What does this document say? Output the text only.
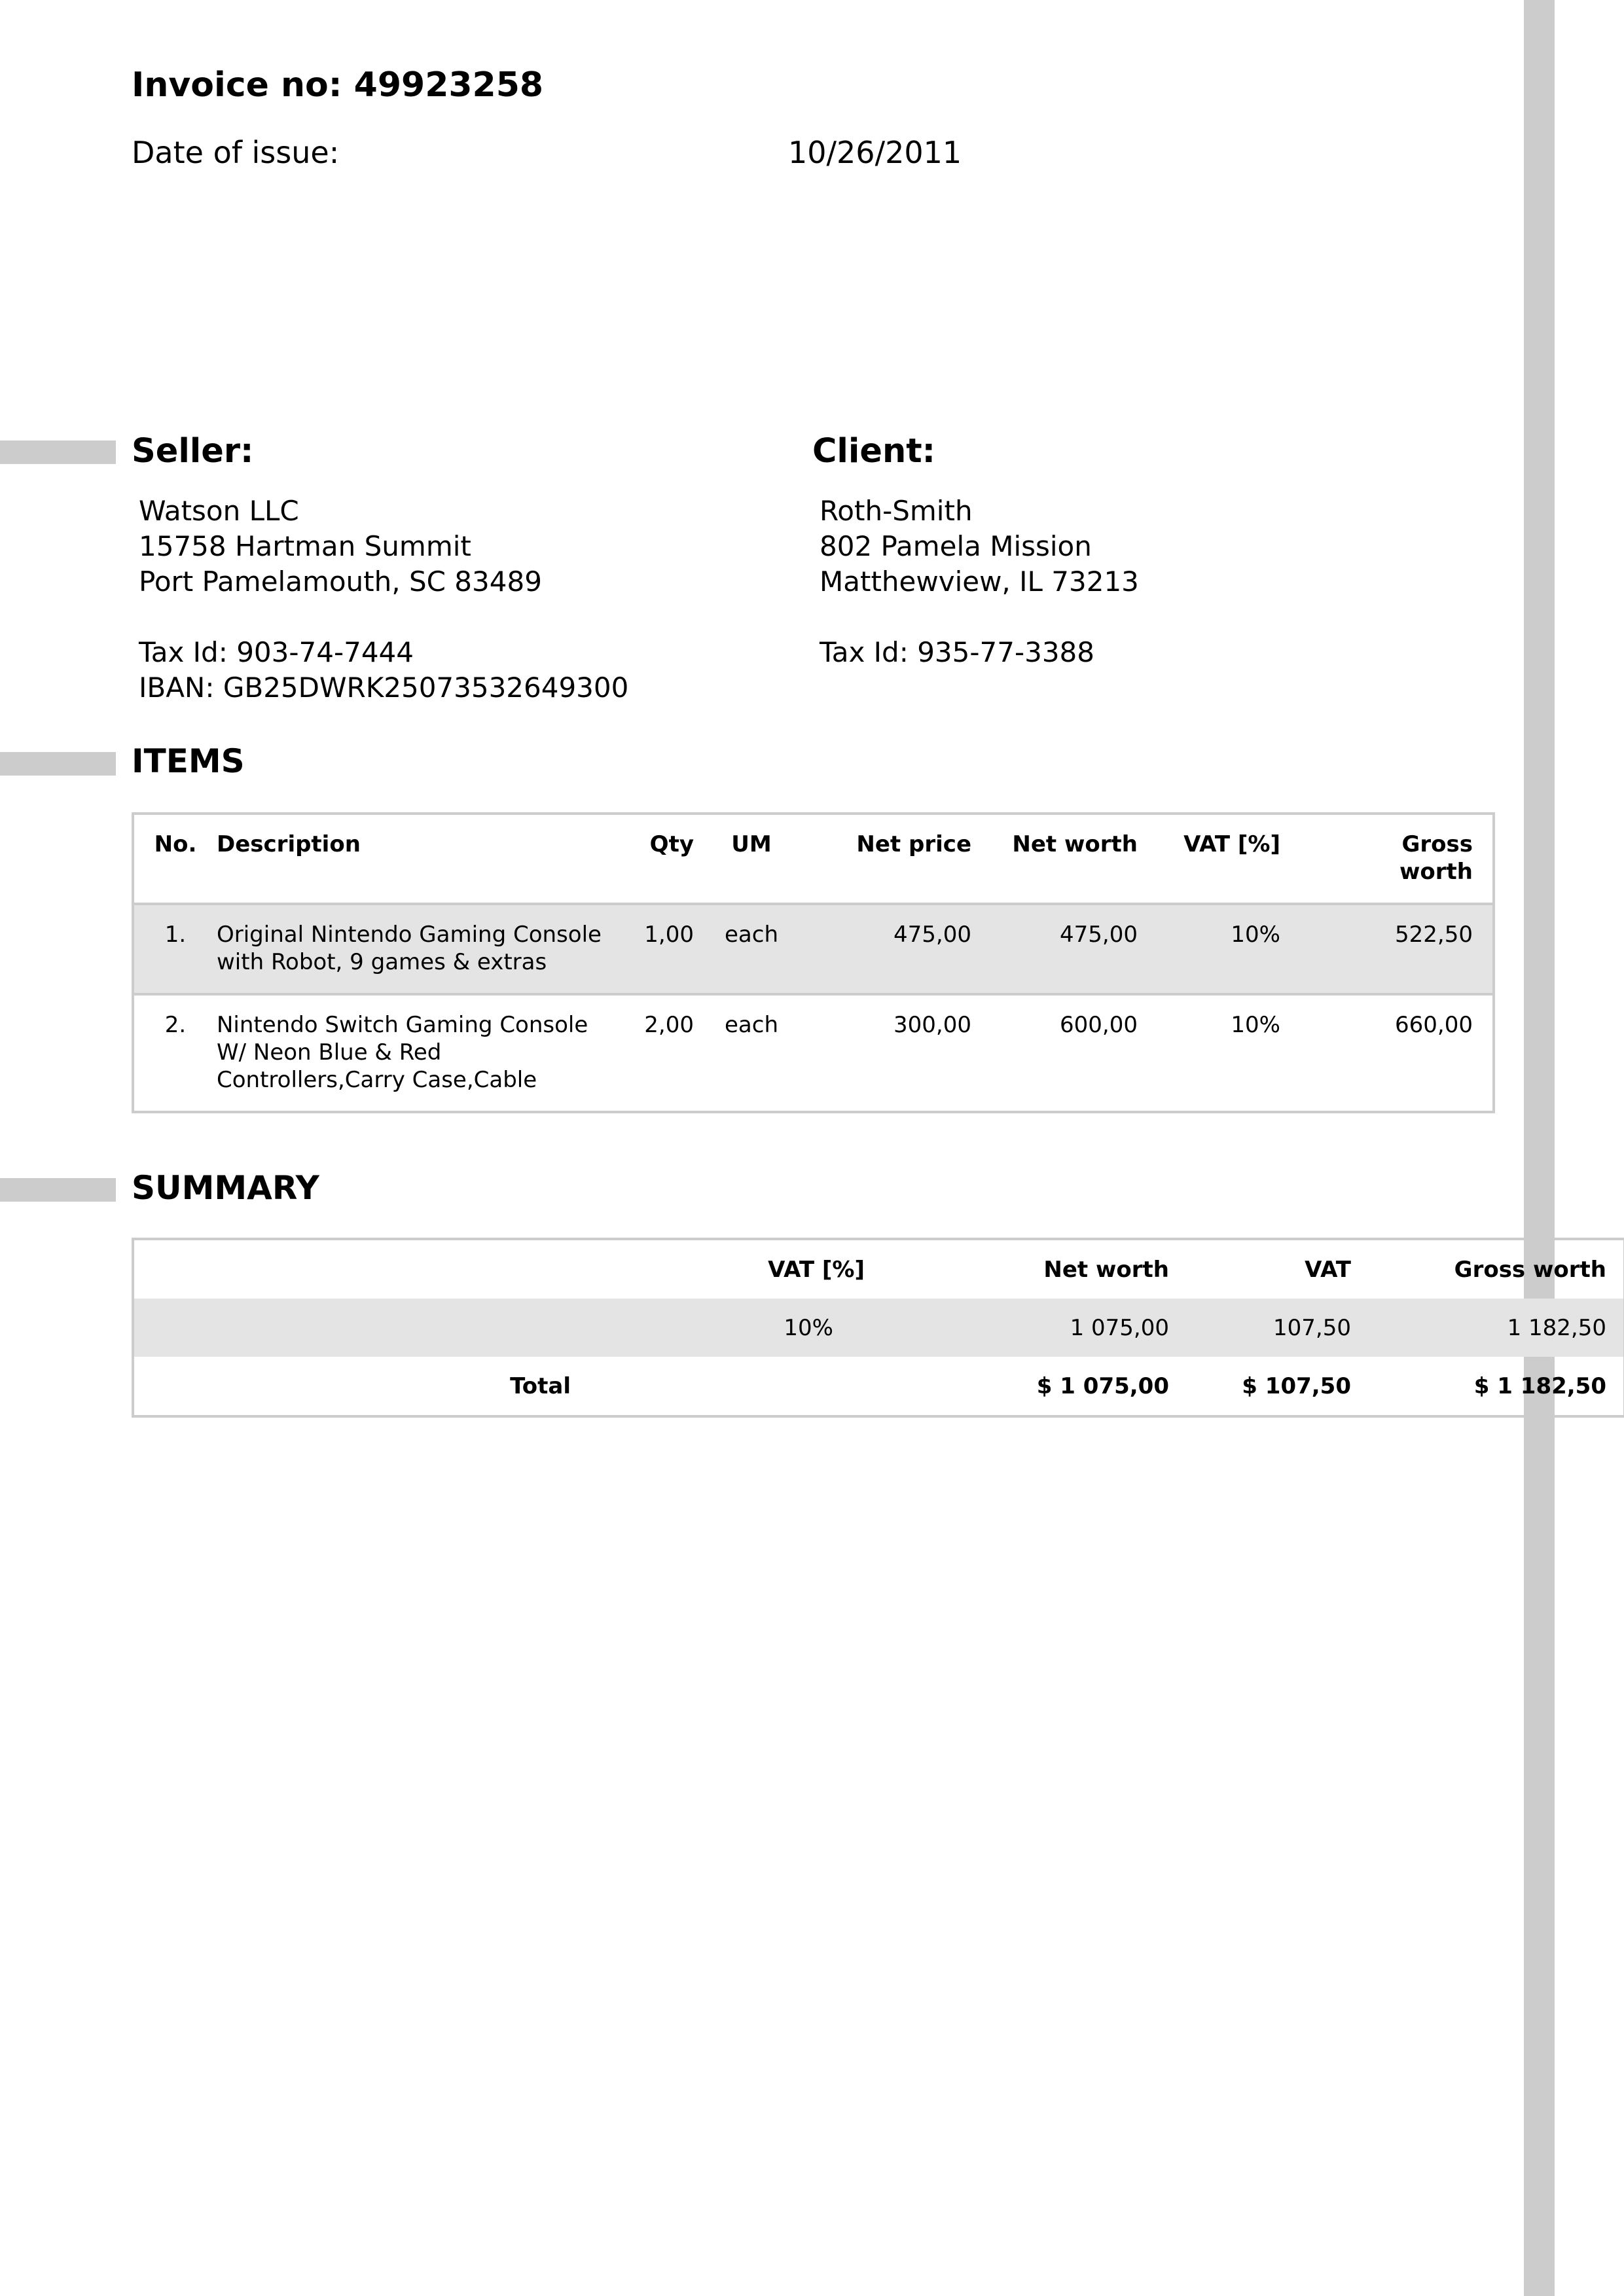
Invoice no: 49923258
Date of issue:	10/26/2011
Seller:	Client:
Watson LLC
15758 Hartman Summit
Port Pamelamouth, SC 83489
Tax Id: 903-74-7444
IBAN: GB25DWRK25073532649300
Roth-Smith
802 Pamela Mission
Matthewview, IL 73213
Tax Id: 935-77-3388
ITEMS
No.	Description	Qty	UM	Net price	Net worth	VAT [%]	Gross worth
1.	Original Nintendo Gaming Console with Robot, 9 games & extras	1,00	each	475,00	475,00	10%	522,50
2.	Nintendo Switch Gaming Console W/ Neon Blue & Red Controllers,Carry Case,Cable	2,00	each	300,00	600,00	10%	660,00
SUMMARY
	VAT [%]	Net worth	VAT	Gross worth
	10%	1 075,00	107,50	1 182,50
Total		$ 1 075,00	$ 107,50	$ 1 182,50
